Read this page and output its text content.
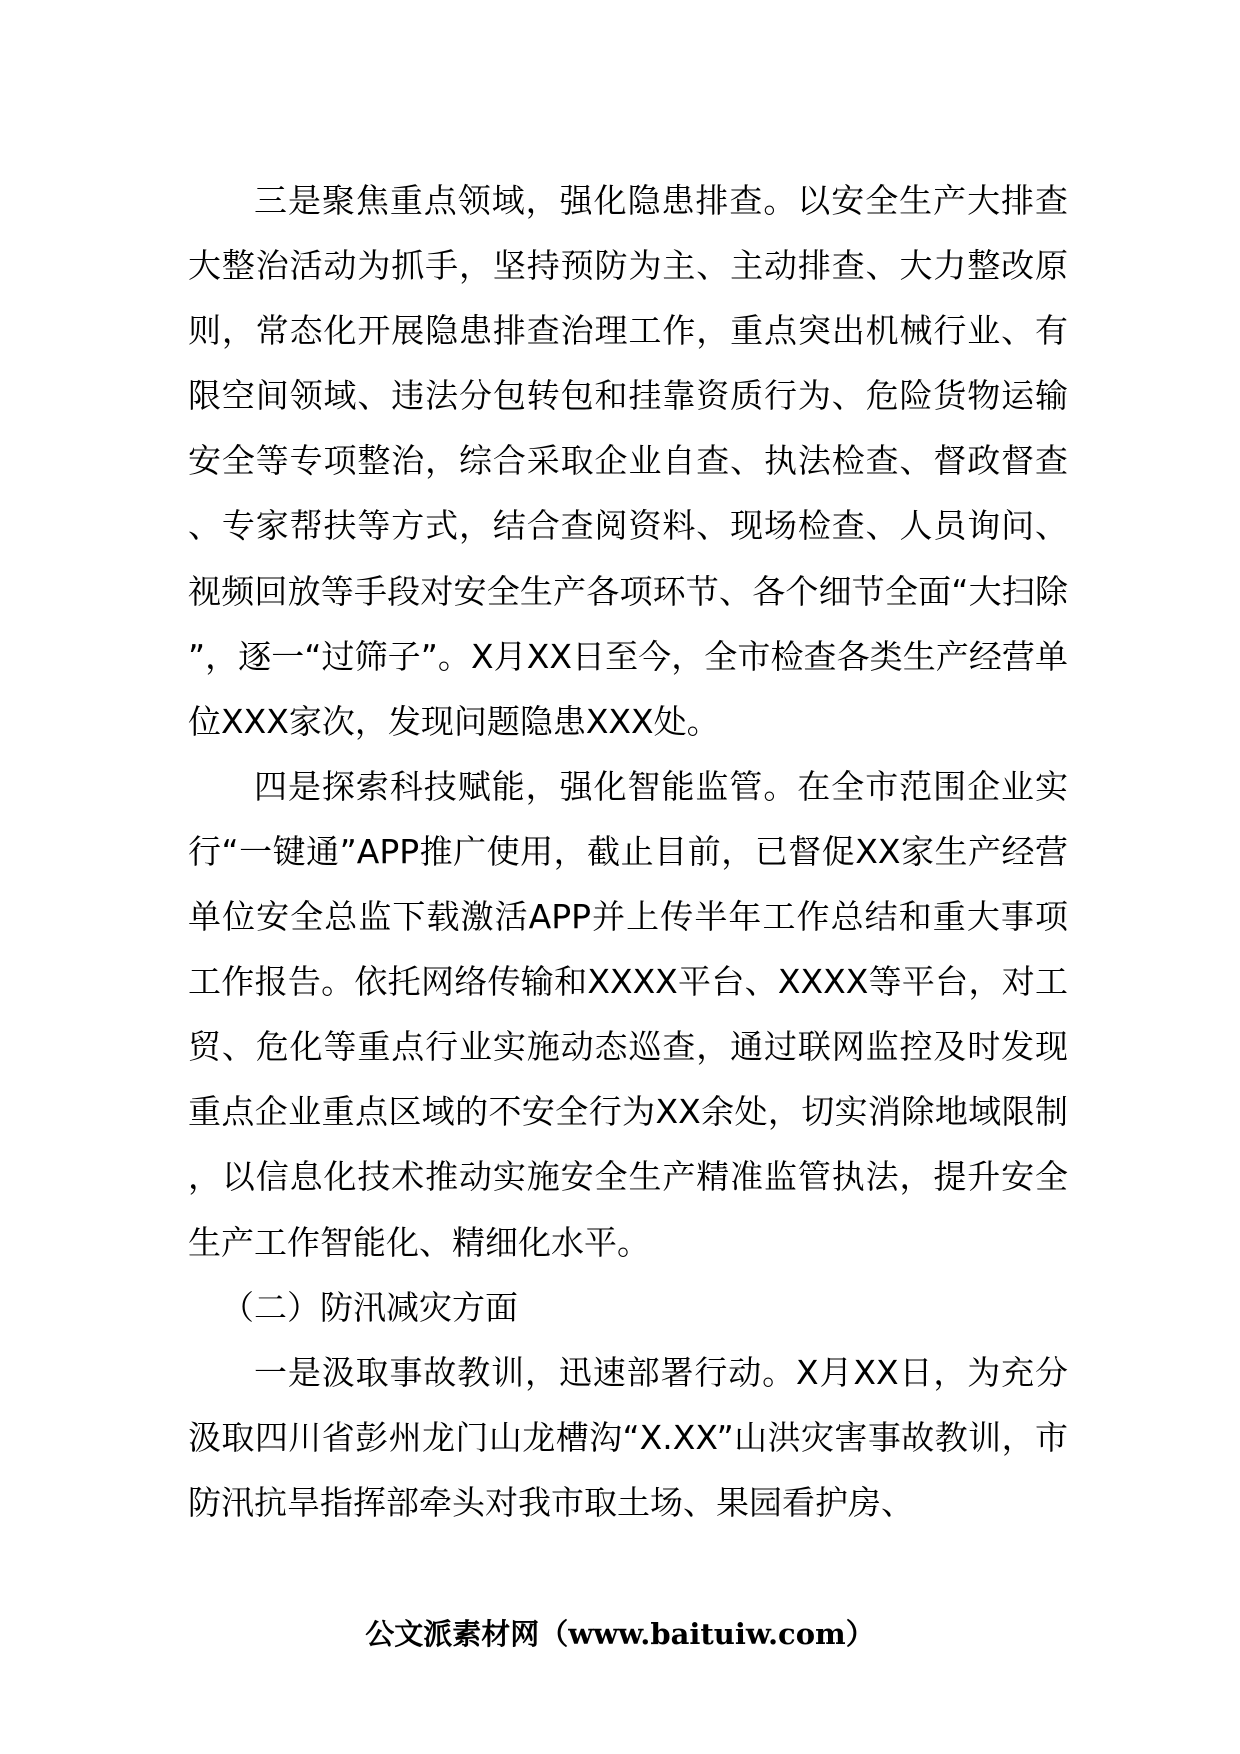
三是聚焦重点领域，强化隐患排查。以安全生产大排查大整治活动为抓手，坚持预防为主、主动排查、大力整改原则，常态化开展隐患排查治理工作，重点突出机械行业、有限空间领域、违法分包转包和挂靠资质行为、危险货物运输安全等专项整治，综合采取企业自查、执法检查、督政督查、专家帮扶等方式，结合查阅资料、现场检查、人员询问、视频回放等手段对安全生产各项环节、各个细节全面“大扫除”，逐一“过筛子”。X月XX日至今，全市检查各类生产经营单位XXX家次，发现问题隐患XXX处。

四是探索科技赋能，强化智能监管。在全市范围企业实行“一键通”APP推广使用，截止目前，已督促XX家生产经营单位安全总监下载激活APP并上传半年工作总结和重大事项工作报告。依托网络传输和XXXX平台、XXXX等平台，对工贸、危化等重点行业实施动态巡查，通过联网监控及时发现重点企业重点区域的不安全行为XX余处，切实消除地域限制，以信息化技术推动实施安全生产精准监管执法，提升安全生产工作智能化、精细化水平。

（二）防汛减灾方面

一是汲取事故教训，迅速部署行动。X月XX日，为充分汲取四川省彭州龙门山龙槽沟“X.XX”山洪灾害事故教训，市防汛抗旱指挥部牵头对我市取土场、果园看护房、

公文派素材网（www.baituiw.com）
